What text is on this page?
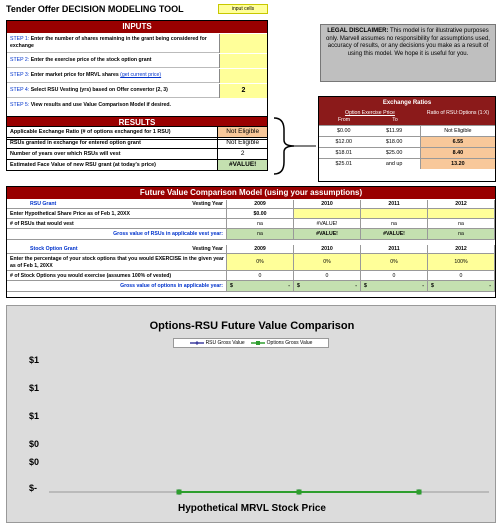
Tender Offer DECISION MODELING TOOL	input cells
INPUTS
STEP 1: Enter the number of shares remaining in the grant being considered for exchange
STEP 2: Enter the exercise price of the stock option grant
STEP 3: Enter market price for MRVL shares (get current price)
STEP 4: Select RSU Vesting (yrs) based on Offer convertor (2, 3)	2
STEP 5: View results and use Value Comparison Model if desired.
LEGAL DISCLAIMER: This model is for illustrative purposes only. Marvell assumes no responsibility for assumptions used, accuracy of results, or any decisions you make as a result of using this model. We hope it is useful for you.
RESULTS
Applicable Exchange Ratio (# of options exchanged for 1 RSU)	Not Eligible
RSUs granted in exchange for entered option grant	Not Eligible
Number of years over which RSUs will vest	2
Estimated Face Value of new RSU grant (at today's price)	#VALUE!
Exchange Ratios
Option Exercise Price
From	To
Ratio of RSU:Options (1:X)
$0.00	$11.99	Not Eligible
$12.00	$18.00	6.55
$18.01	$25.00	8.40
$25.01	and up	13.20
Future Value Comparison Model (using your assumptions)
RSU Grant	Vesting Year	2009	2010	2011	2012
Enter Hypothetical Share Price as of Feb 1, 20XX	$0.00
# of RSUs that would vest	na	#VALUE!	na	na
Gross value of RSUs in applicable vest year:	na	#VALUE!	#VALUE!	na
Stock Option Grant	Vesting Year	2009	2010	2011	2012
Enter the percentage of your stock options that you would EXERCISE in the given year as of Feb 1, 20XX
0%	0%	0%	100%
# of Stock Options you would exercise (assumes 100% of vested)	0	0	0	0
Gross value of options in applicable year:	$	- $	- $	- $	-
Options-RSU Future Value Comparison
RSU Gross Value	Options Gross Value
$1
$1
$1
$0
$0
$-
Hypothetical MRVL Stock Price
